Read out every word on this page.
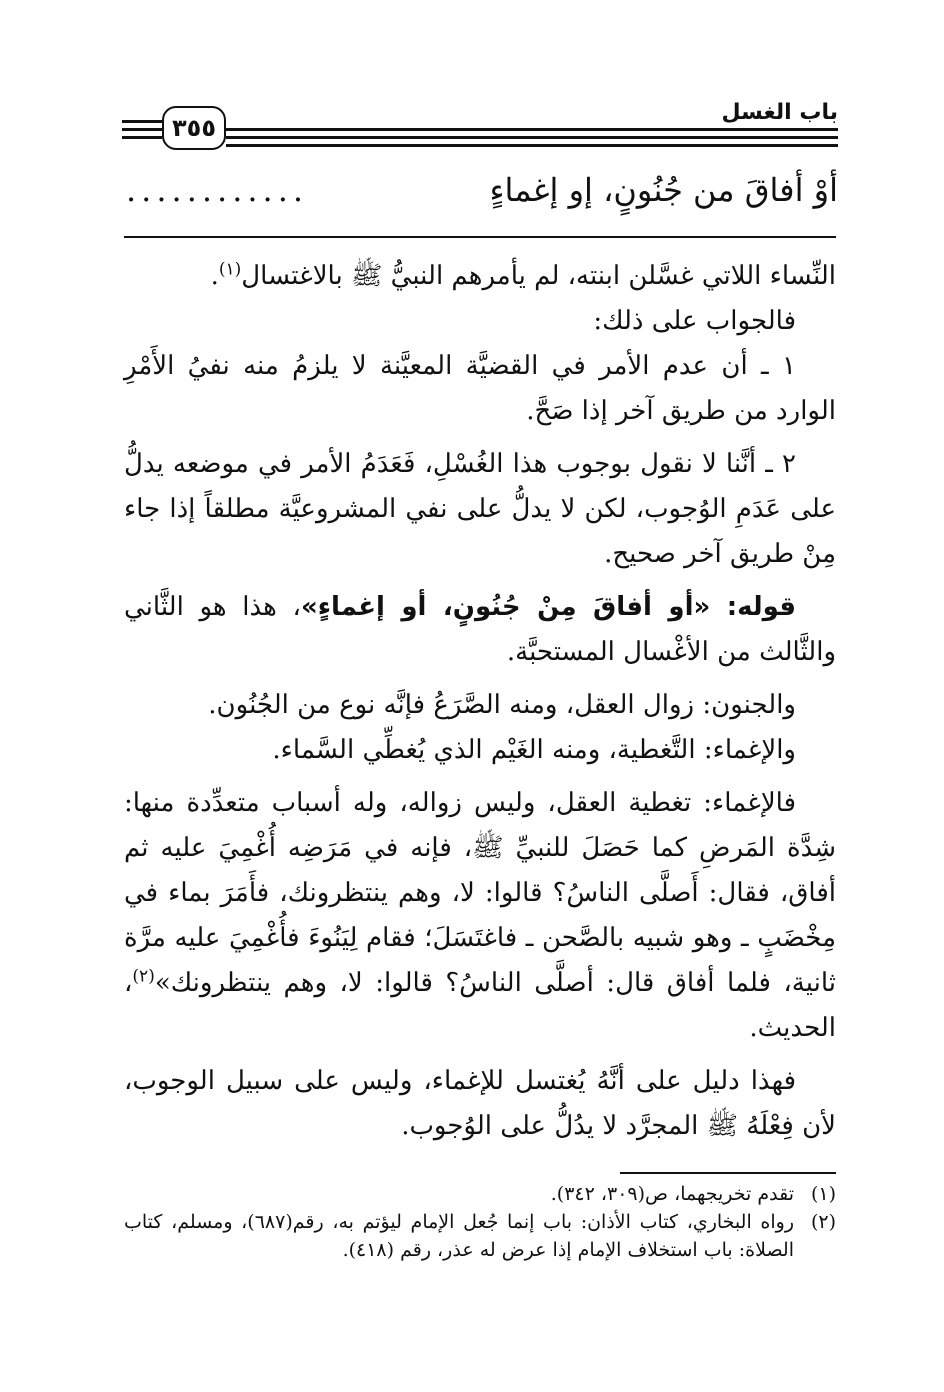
باب الغسل
٣٥٥
أوْ أفاقَ من جُنُونٍ، إو إغماءٍ
............

النِّساء اللاتي غسَّلن ابنته، لم يأمرهم النبيُّ ﷺ بالاغتسال$^{(١)}$.

فالجواب على ذلك:

١ ـ أن عدم الأمر في القضيَّة المعيَّنة لا يلزمُ منه نفيُ الأَمْرِ الوارد من طريق آخر إذا صَحَّ.

٢ ـ أنَّنا لا نقول بوجوب هذا الغُسْلِ، فَعَدَمُ الأمر في موضعه يدلُّ على عَدَمِ الوُجوب، لكن لا يدلُّ على نفي المشروعيَّة مطلقاً إذا جاء مِنْ طريق آخر صحيح.

قوله: «أو أفاقَ مِنْ جُنُونٍ، أو إغماءٍ»، هذا هو الثَّاني والثَّالث من الأغْسال المستحبَّة.

والجنون: زوال العقل، ومنه الصَّرَعُ فإنَّه نوع من الجُنُون.

والإغماء: التَّغطية، ومنه الغَيْم الذي يُغطِّي السَّماء.

فالإغماء: تغطية العقل، وليس زواله، وله أسباب متعدِّدة منها: شِدَّة المَرضِ كما حَصَلَ للنبيِّ ﷺ، فإنه في مَرَضِه أُغْمِيَ عليه ثم أفاق، فقال: أَصلَّى الناسُ؟ قالوا: لا، وهم ينتظرونك، فأَمَرَ بماء في مِخْضَبٍ ـ وهو شبيه بالصَّحن ـ فاغتَسَلَ؛ فقام لِيَنُوءَ فأُغْمِيَ عليه مرَّة ثانية، فلما أفاق قال: أصلَّى الناسُ؟ قالوا: لا، وهم ينتظرونك»$^{(٢)}$، الحديث.

فهذا دليل على أنَّهُ يُغتسل للإغماء، وليس على سبيل الوجوب، لأن فِعْلَهُ ﷺ المجرَّد لا يدُلُّ على الوُجوب.

(١)
تقدم تخريجهما، ص(٣٠٩، ٣٤٢).
(٢)
رواه البخاري، كتاب الأذان: باب إنما جُعل الإمام ليؤتم به، رقم(٦٨٧)، ومسلم، كتاب الصلاة: باب استخلاف الإمام إذا عرض له عذر، رقم (٤١٨).
